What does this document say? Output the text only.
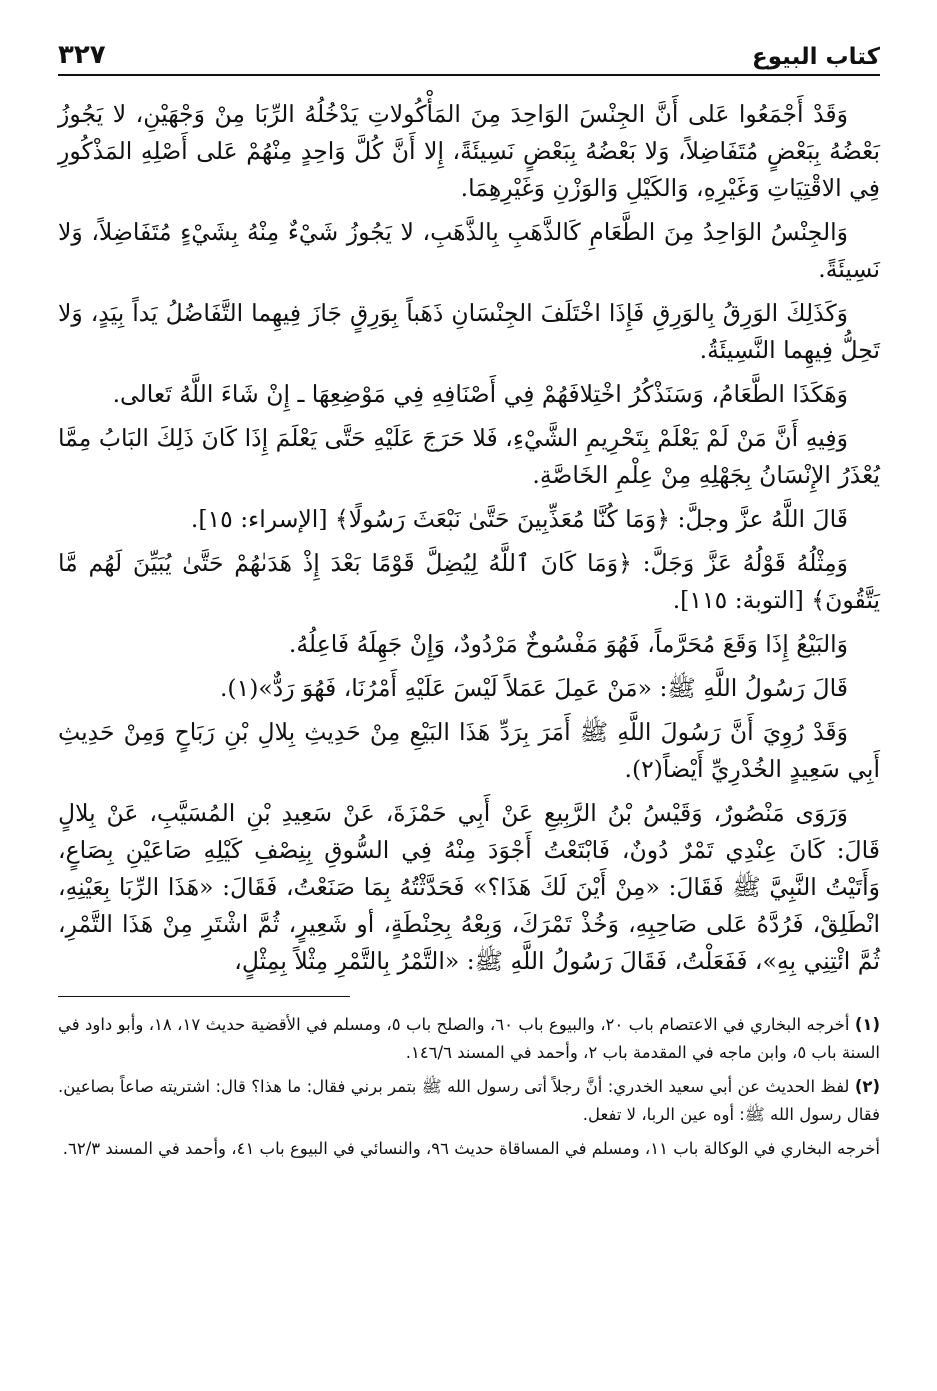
كتاب البيوع
٣٢٧

وَقَدْ أَجْمَعُوا عَلى أَنَّ الجِنْسَ الوَاحِدَ مِنَ المَأْكُولاتِ يَدْخُلُهُ الرِّبَا مِنْ وَجْهَيْنِ، لا يَجُوزُ بَعْضُهُ بِبَعْضٍ مُتَفَاضِلاً، وَلا بَعْضُهُ بِبَعْضٍ نَسِيئَةً، إِلا أَنَّ كُلَّ وَاحِدٍ مِنْهُمْ عَلى أَصْلِهِ المَذْكُورِ فِي الاقْتِيَاتِ وَغَيْرِهِ، وَالكَيْلِ وَالوَزْنِ وَغَيْرِهِمَا.

وَالجِنْسُ الوَاحِدُ مِنَ الطَّعَامِ كَالذَّهَبِ بِالذَّهَبِ، لا يَجُوزُ شَيْءٌ مِنْهُ بِشَيْءٍ مُتَفَاضِلاً، وَلا نَسِيئَةً.

وَكَذَلِكَ الوَرِقُ بِالوَرِقِ فَإِذَا اخْتَلَفَ الجِنْسَانِ ذَهَباً بِوَرِقٍ جَازَ فِيهِما التَّفَاضُلُ يَداً بِيَدٍ، وَلا تَحِلُّ فِيهِما النَّسِيئَةُ.

وَهَكَذَا الطَّعَامُ، وَسَنَذْكُرُ اخْتِلافَهُمْ فِي أَصْنَافِهِ فِي مَوْضِعِهَا ـ إِنْ شَاءَ اللَّهُ تَعالى.

وَفِيهِ أَنَّ مَنْ لَمْ يَعْلَمْ بِتَحْرِيمِ الشَّيْءِ، فَلا حَرَجَ عَلَيْهِ حَتَّى يَعْلَمَ إِذَا كَانَ ذَلِكَ البَابُ مِمَّا يُعْذَرُ الإِنْسَانُ بِجَهْلِهِ مِنْ عِلْمِ الخَاصَّةِ.

قَالَ اللَّهُ عزَّ وجلَّ: ﴿وَمَا كُنَّا مُعَذِّبِينَ حَتَّىٰ نَبْعَثَ رَسُولًا﴾ [الإسراء: ١٥].

وَمِثْلُهُ قَوْلُهُ عَزَّ وَجَلَّ: ﴿وَمَا كَانَ ٱللَّهُ لِيُضِلَّ قَوْمًا بَعْدَ إِذْ هَدَىٰهُمْ حَتَّىٰ يُبَيِّنَ لَهُم مَّا يَتَّقُونَ﴾ [التوبة: ١١٥].

وَالبَيْعُ إِذَا وَقَعَ مُحَرَّماً، فَهُوَ مَفْسُوخٌ مَرْدُودٌ، وَإِنْ جَهِلَهُ فَاعِلُهُ.

قَالَ رَسُولُ اللَّهِ ﷺ: «مَنْ عَمِلَ عَمَلاً لَيْسَ عَلَيْهِ أَمْرُنَا، فَهُوَ رَدٌّ»(١).

وَقَدْ رُوِيَ أَنَّ رَسُولَ اللَّهِ ﷺ أَمَرَ بِرَدِّ هَذَا البَيْعِ مِنْ حَدِيثِ بِلالِ بْنِ رَبَاحٍ وَمِنْ حَدِيثِ أَبِي سَعِيدٍ الخُدْرِيِّ أَيْضاً(٢).

وَرَوَى مَنْصُورٌ، وَقَيْسُ بْنُ الرَّبِيعِ عَنْ أَبِي حَمْزَةَ، عَنْ سَعِيدِ بْنِ المُسَيَّبِ، عَنْ بِلالٍ قَالَ: كَانَ عِنْدِي تَمْرٌ دُونٌ، فَابْتَعْتُ أَجْوَدَ مِنْهُ فِي السُّوقِ بِنِصْفِ كَيْلِهِ صَاعَيْنِ بِصَاعٍ، وَأَتَيْتُ النَّبِيَّ ﷺ فَقَالَ: «مِنْ أَيْنَ لَكَ هَذَا؟» فَحَدَّثْتُهُ بِمَا صَنَعْتُ، فَقَالَ: «هَذَا الرِّبَا بِعَيْنِهِ، انْطَلِقْ، فَرُدَّهُ عَلى صَاحِبِهِ، وَخُذْ تَمْرَكَ، وَبِعْهُ بِحِنْطَةٍ، أو شَعِيرٍ، ثُمَّ اشْتَرِ مِنْ هَذَا التَّمْرِ، ثُمَّ ائْتِنِي بِهِ»، فَفَعَلْتُ، فَقَالَ رَسُولُ اللَّهِ ﷺ: «التَّمْرُ بِالتَّمْرِ مِثْلاً بِمِثْلٍ،

(١) أخرجه البخاري في الاعتصام باب ٢٠، والبيوع باب ٦٠، والصلح باب ٥، ومسلم في الأقضية حديث ١٧، ١٨، وأبو داود في السنة باب ٥، وابن ماجه في المقدمة باب ٢، وأحمد في المسند ١٤٦/٦.

(٢) لفظ الحديث عن أبي سعيد الخدري: أنَّ رجلاً أتى رسول الله ﷺ بتمر برني فقال: ما هذا؟ قال: اشتريته صاعاً بصاعين. فقال رسول الله ﷺ: أوه عين الربا، لا تفعل.

أخرجه البخاري في الوكالة باب ١١، ومسلم في المساقاة حديث ٩٦، والنسائي في البيوع باب ٤١، وأحمد في المسند ٦٢/٣.
